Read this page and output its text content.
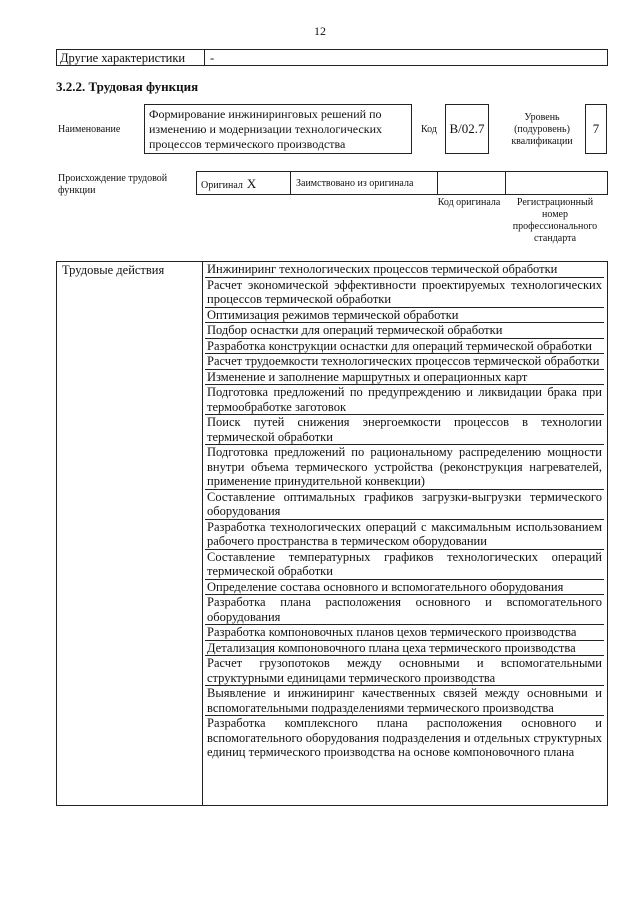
12
Другие характеристики -
3.2.2. Трудовая функция
Наименование
Формирование инжиниринговых решений по изменению и модернизации технологических процессов термического производства
Код B/02.7
Уровень (подуровень) квалификации
7
Происхождение трудовой функции	Оригинал X	Заимствовано из оригинала
Код оригинала	Регистрационный номер профессионального стандарта
Трудовые действия	Инжиниринг технологических процессов термической обработки
Расчет экономической эффективности проектируемых технологических процессов термической обработки
Оптимизация режимов термической обработки
Подбор оснастки для операций термической обработки
Разработка конструкции оснастки для операций термической обработки
Расчет трудоемкости технологических процессов термической обработки
Изменение и заполнение маршрутных и операционных карт
Подготовка предложений по предупреждению и ликвидации брака при термообработке заготовок
Поиск путей снижения энергоемкости процессов в технологии термической обработки
Подготовка предложений по рациональному распределению мощности внутри объема термического устройства (реконструкция нагревателей, применение принудительной конвекции)
Составление оптимальных графиков загрузки-выгрузки термического оборудования
Разработка технологических операций с максимальным использованием рабочего пространства в термическом оборудовании
Составление температурных графиков технологических операций термической обработки
Определение состава основного и вспомогательного оборудования
Разработка плана расположения основного и вспомогательного оборудования
Разработка компоновочных планов цехов термического производства
Детализация компоновочного плана цеха термического производства
Расчет грузопотоков между основными и вспомогательными структурными единицами термического производства
Выявление и инжиниринг качественных связей между основными и вспомогательными подразделениями термического производства
Разработка комплексного плана расположения основного и вспомогательного оборудования подразделения и отдельных структурных единиц термического производства на основе компоновочного плана
